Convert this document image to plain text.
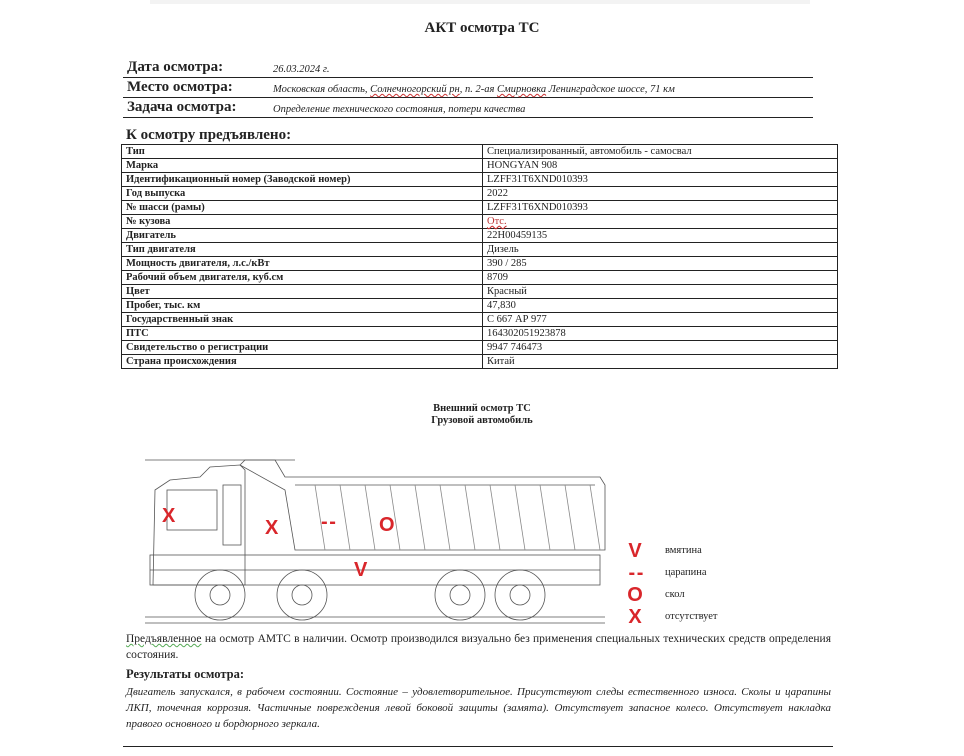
АКТ осмотра ТС
Дата осмотра:	26.03.2024 г.
Место осмотра:	Московская область, Солнечногорский рн, п. 2-ая Смирновка Ленинградское шоссе, 71 км
Задача осмотра:	Определение технического состояния, потери качества
К осмотру предъявлено:
Тип	Специализированный, автомобиль - самосвал
Марка	HONGYAN 908
Идентификационный номер (Заводской номер)	LZFF31T6XND010393
Год выпуска	2022
№ шасси (рамы)	LZFF31T6XND010393
№ кузова	Отс.
Двигатель	22H00459135
Тип двигателя	Дизель
Мощность двигателя, л.с./кВт	390 / 285
Рабочий объем двигателя, куб.см	8709
Цвет	Красный
Пробег, тыс. км	47,830
Государственный знак	С 667 АР 977
ПТС	164302051923878
Свидетельство о регистрации	9947 746473
Страна происхождения	Китай
Внешний осмотр ТС
Грузовой автомобиль
X
X - - O
V
V	вмятина
- -	царапина
O	скол
X	отсутствует
Предъявленное на осмотр АМТС в наличии. Осмотр производился визуально без применения специальных технических средств определения состояния.
Результаты осмотра:
Двигатель запускался, в рабочем состоянии. Состояние – удовлетворительное. Присутствуют следы естественного износа. Сколы и царапины ЛКП, точечная коррозия. Частичные повреждения левой боковой защиты (замята). Отсутствует запасное колесо. Отсутствует накладка правого основного и бордюрного зеркала.
